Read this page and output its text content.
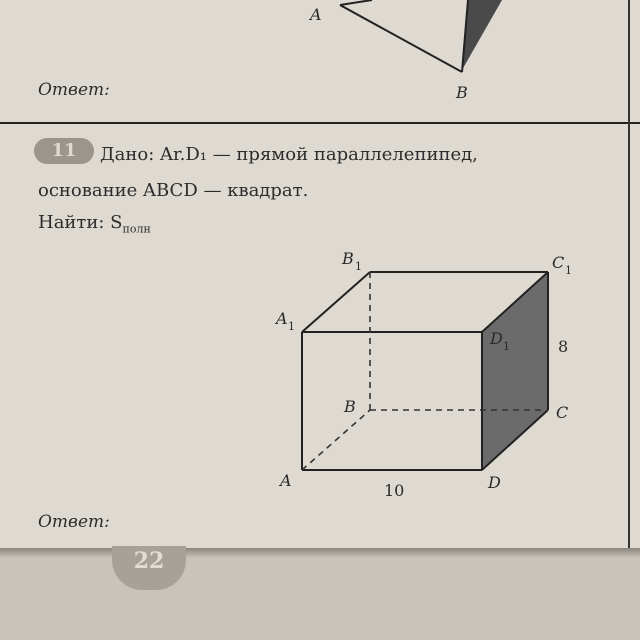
A
B
Ответ:
11	Дано: Ar.D₁ — прямой параллелепипед,
основание ABCD — квадрат.
Найти: $S_{полн}$
A
B	C
D
A 1
B 1	C 1
D 1	8
10
Ответ:
22
